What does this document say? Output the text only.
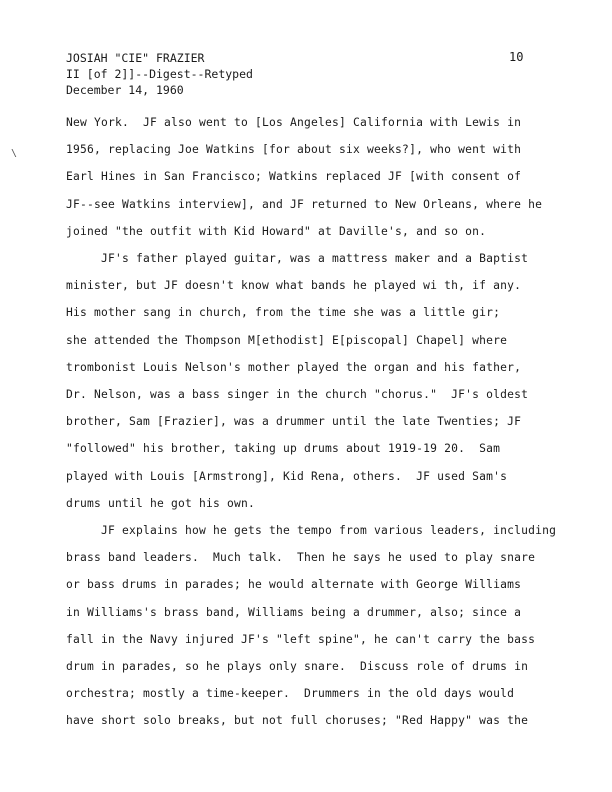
JOSIAH "CIE" FRAZIER
II [of 2]]--Digest--Retyped
December 14, 1960
10
\
New York.  JF also went to [Los Angeles] California with Lewis in
1956, replacing Joe Watkins [for about six weeks?], who went with
Earl Hines in San Francisco; Watkins replaced JF [with consent of
JF--see Watkins interview], and JF returned to New Orleans, where he
joined "the outfit with Kid Howard" at Daville's, and so on.
JF's father played guitar, was a mattress maker and a Baptist
minister, but JF doesn't know what bands he played wi th, if any.
His mother sang in church, from the time she was a little gir;
she attended the Thompson M[ethodist] E[piscopal] Chapel] where
trombonist Louis Nelson's mother played the organ and his father,
Dr. Nelson, was a bass singer in the church "chorus."  JF's oldest
brother, Sam [Frazier], was a drummer until the late Twenties; JF
"followed" his brother, taking up drums about 1919-19 20.  Sam
played with Louis [Armstrong], Kid Rena, others.  JF used Sam's
drums until he got his own.
JF explains how he gets the tempo from various leaders, including
brass band leaders.  Much talk.  Then he says he used to play snare
or bass drums in parades; he would alternate with George Williams
in Williams's brass band, Williams being a drummer, also; since a
fall in the Navy injured JF's "left spine", he can't carry the bass
drum in parades, so he plays only snare.  Discuss role of drums in
orchestra; mostly a time-keeper.  Drummers in the old days would
have short solo breaks, but not full choruses; "Red Happy" was the
